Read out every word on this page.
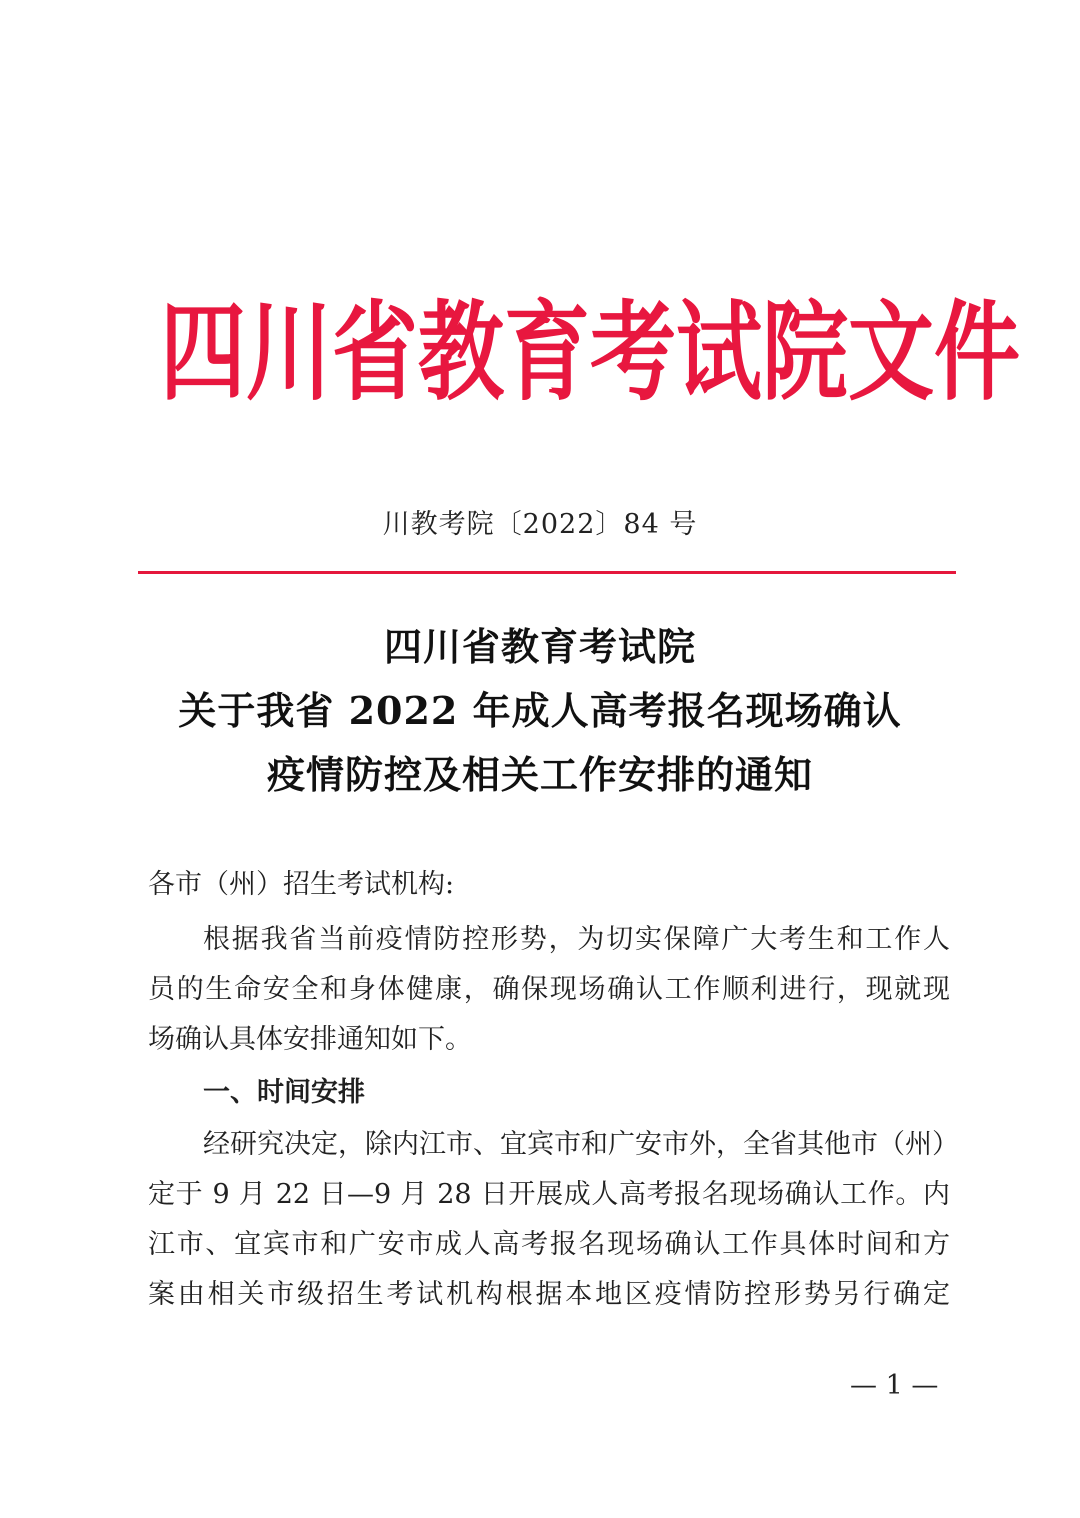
四 川 省 教 育 考 试 院 文 件
川教考院〔2022〕84 号
四川省教育考试院
关于我省 2022 年成人高考报名现场确认
疫情防控及相关工作安排的通知
各市（州）招生考试机构:
根据我省当前疫情防控形势，为切实保障广大考生和工作人
员的生命安全和身体健康，确保现场确认工作顺利进行，现就现
场确认具体安排通知如下。
一、时间安排
经研究决定，除内江市、宜宾市和广安市外，全省其他市（州）
定于 9 月 22 日—9 月 28 日开展成人高考报名现场确认工作。内
江市、宜宾市和广安市成人高考报名现场确认工作具体时间和方
案由相关市级招生考试机构根据本地区疫情防控形势另行确定
— 1 —
